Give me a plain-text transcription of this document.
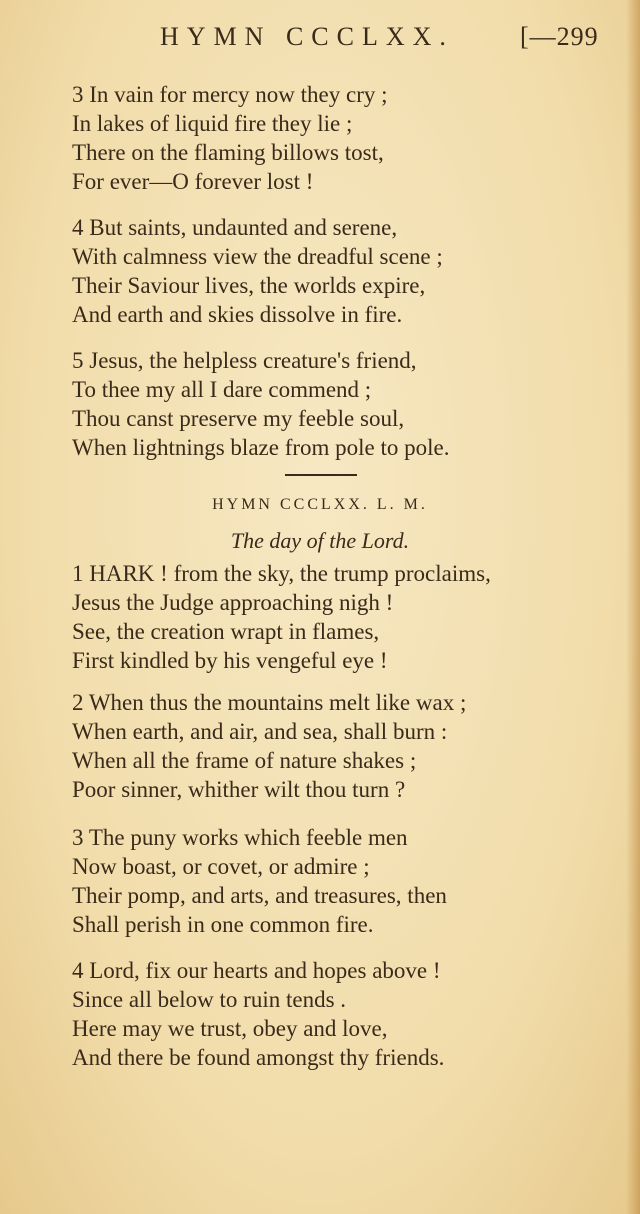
HYMN CCCLXX.	[—299
3 In vain for mercy now they cry ;
In lakes of liquid fire they lie ;
There on the flaming billows tost,
For ever—O forever lost !
4 But saints, undaunted and serene,
With calmness view the dreadful scene ;
Their Saviour lives, the worlds expire,
And earth and skies dissolve in fire.
5 Jesus, the helpless creature's friend,
To thee my all I dare commend ;
Thou canst preserve my feeble soul,
When lightnings blaze from pole to pole.
HYMN CCCLXX. L. M.
The day of the Lord.
1 HARK ! from the sky, the trump proclaims,
Jesus the Judge approaching nigh !
See, the creation wrapt in flames,
First kindled by his vengeful eye !
2 When thus the mountains melt like wax ;
When earth, and air, and sea, shall burn :
When all the frame of nature shakes ;
Poor sinner, whither wilt thou turn ?
3 The puny works which feeble men
Now boast, or covet, or admire ;
Their pomp, and arts, and treasures, then
Shall perish in one common fire.
4 Lord, fix our hearts and hopes above !
Since all below to ruin tends .
Here may we trust, obey and love,
And there be found amongst thy friends.
